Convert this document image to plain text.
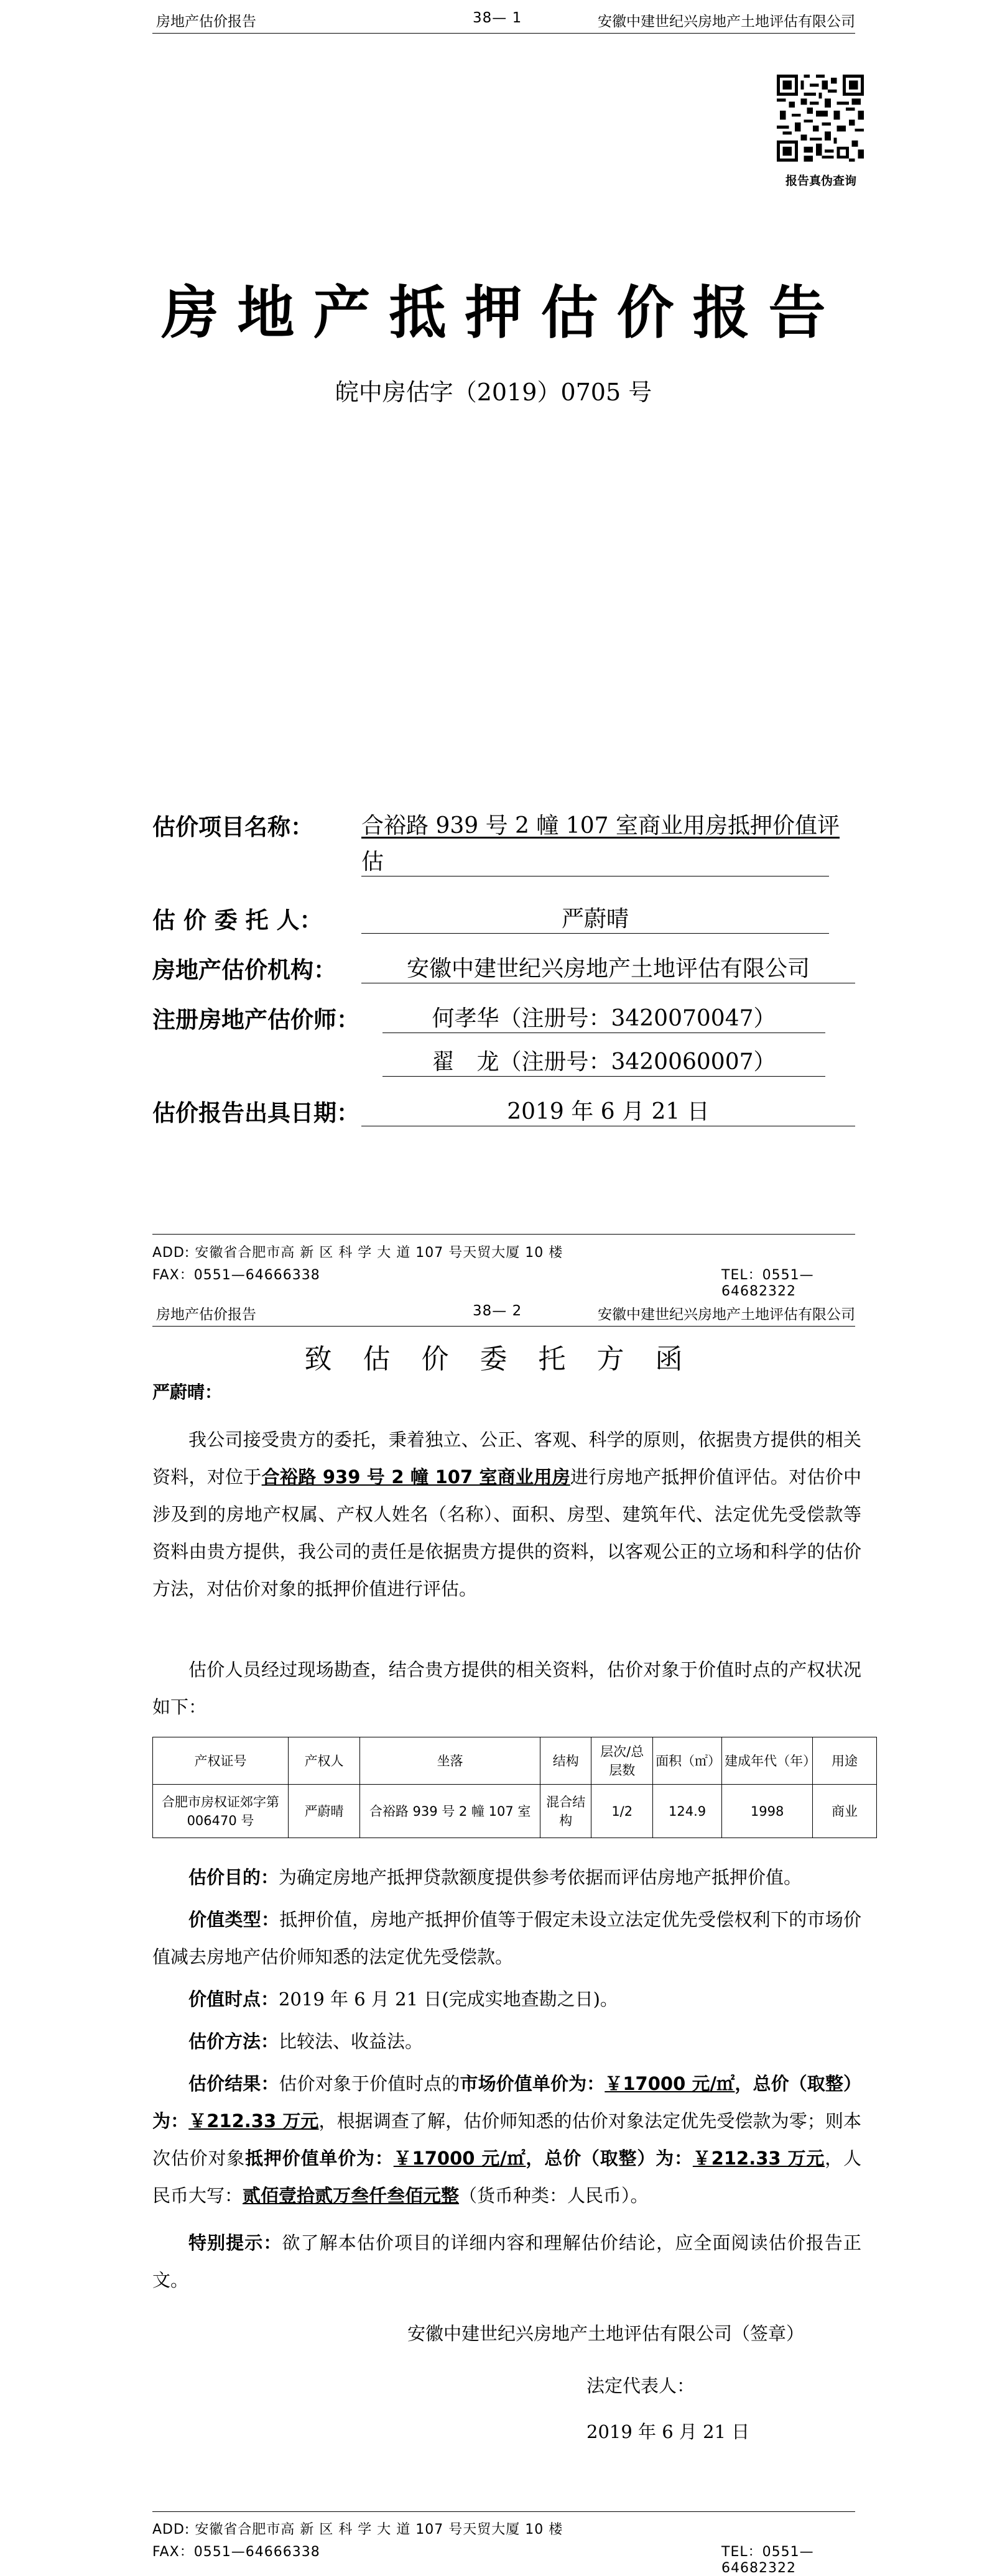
房地产估价报告	38— 1	安徽中建世纪兴房地产土地评估有限公司
报告真伪查询
房地产抵押估价报告
皖中房估字（2019）0705 号
估价项目名称： 合裕路 939 号 2 幢 107 室商业用房抵押价值评
估
估 价 委 托 人：	严蔚晴
房地产估价机构：	安徽中建世纪兴房地产土地评估有限公司
注册房地产估价师：	何孝华（注册号：3420070047）
翟　龙（注册号：3420060007）
估价报告出具日期：	2019 年 6 月 21 日
ADD: 安徽省合肥市高 新 区 科 学 大 道 107 号天贸大厦 10 楼
FAX：0551—64666338	TEL：0551—64682322
房地产估价报告	38— 2	安徽中建世纪兴房地产土地评估有限公司
致估价委托方函
严蔚晴：
我公司接受贵方的委托，秉着独立、公正、客观、科学的原则，依据贵方提供的相关资料，对位于合裕路 939 号 2 幢 107 室商业用房进行房地产抵押价值评估。对估价中涉及到的房地产权属、产权人姓名（名称）、面积、房型、建筑年代、法定优先受偿款等资料由贵方提供，我公司的责任是依据贵方提供的资料，以客观公正的立场和科学的估价方法，对估价对象的抵押价值进行评估。
估价人员经过现场勘查，结合贵方提供的相关资料，估价对象于价值时点的产权状况如下：
产权证号	产权人	坐落	结构	层次/总层数	面积（㎡）	建成年代（年）	用途
合肥市房权证郊字第 006470 号	严蔚晴	合裕路 939 号 2 幢 107 室	混合结构	1/2	124.9	1998	商业
估价目的：为确定房地产抵押贷款额度提供参考依据而评估房地产抵押价值。
价值类型：抵押价值，房地产抵押价值等于假定未设立法定优先受偿权利下的市场价值减去房地产估价师知悉的法定优先受偿款。
价值时点：2019 年 6 月 21 日(完成实地查勘之日)。
估价方法：比较法、收益法。
估价结果：估价对象于价值时点的市场价值单价为：￥17000 元/㎡，总价（取整）为：￥212.33 万元，根据调查了解，估价师知悉的估价对象法定优先受偿款为零；则本次估价对象抵押价值单价为：￥17000 元/㎡，总价（取整）为：￥212.33 万元，人民币大写：贰佰壹拾贰万叁仟叁佰元整（货币种类：人民币）。
特别提示：欲了解本估价项目的详细内容和理解估价结论，应全面阅读估价报告正文。
安徽中建世纪兴房地产土地评估有限公司（签章）
法定代表人：
2019 年 6 月 21 日
ADD: 安徽省合肥市高 新 区 科 学 大 道 107 号天贸大厦 10 楼
FAX：0551—64666338	TEL：0551—64682322
